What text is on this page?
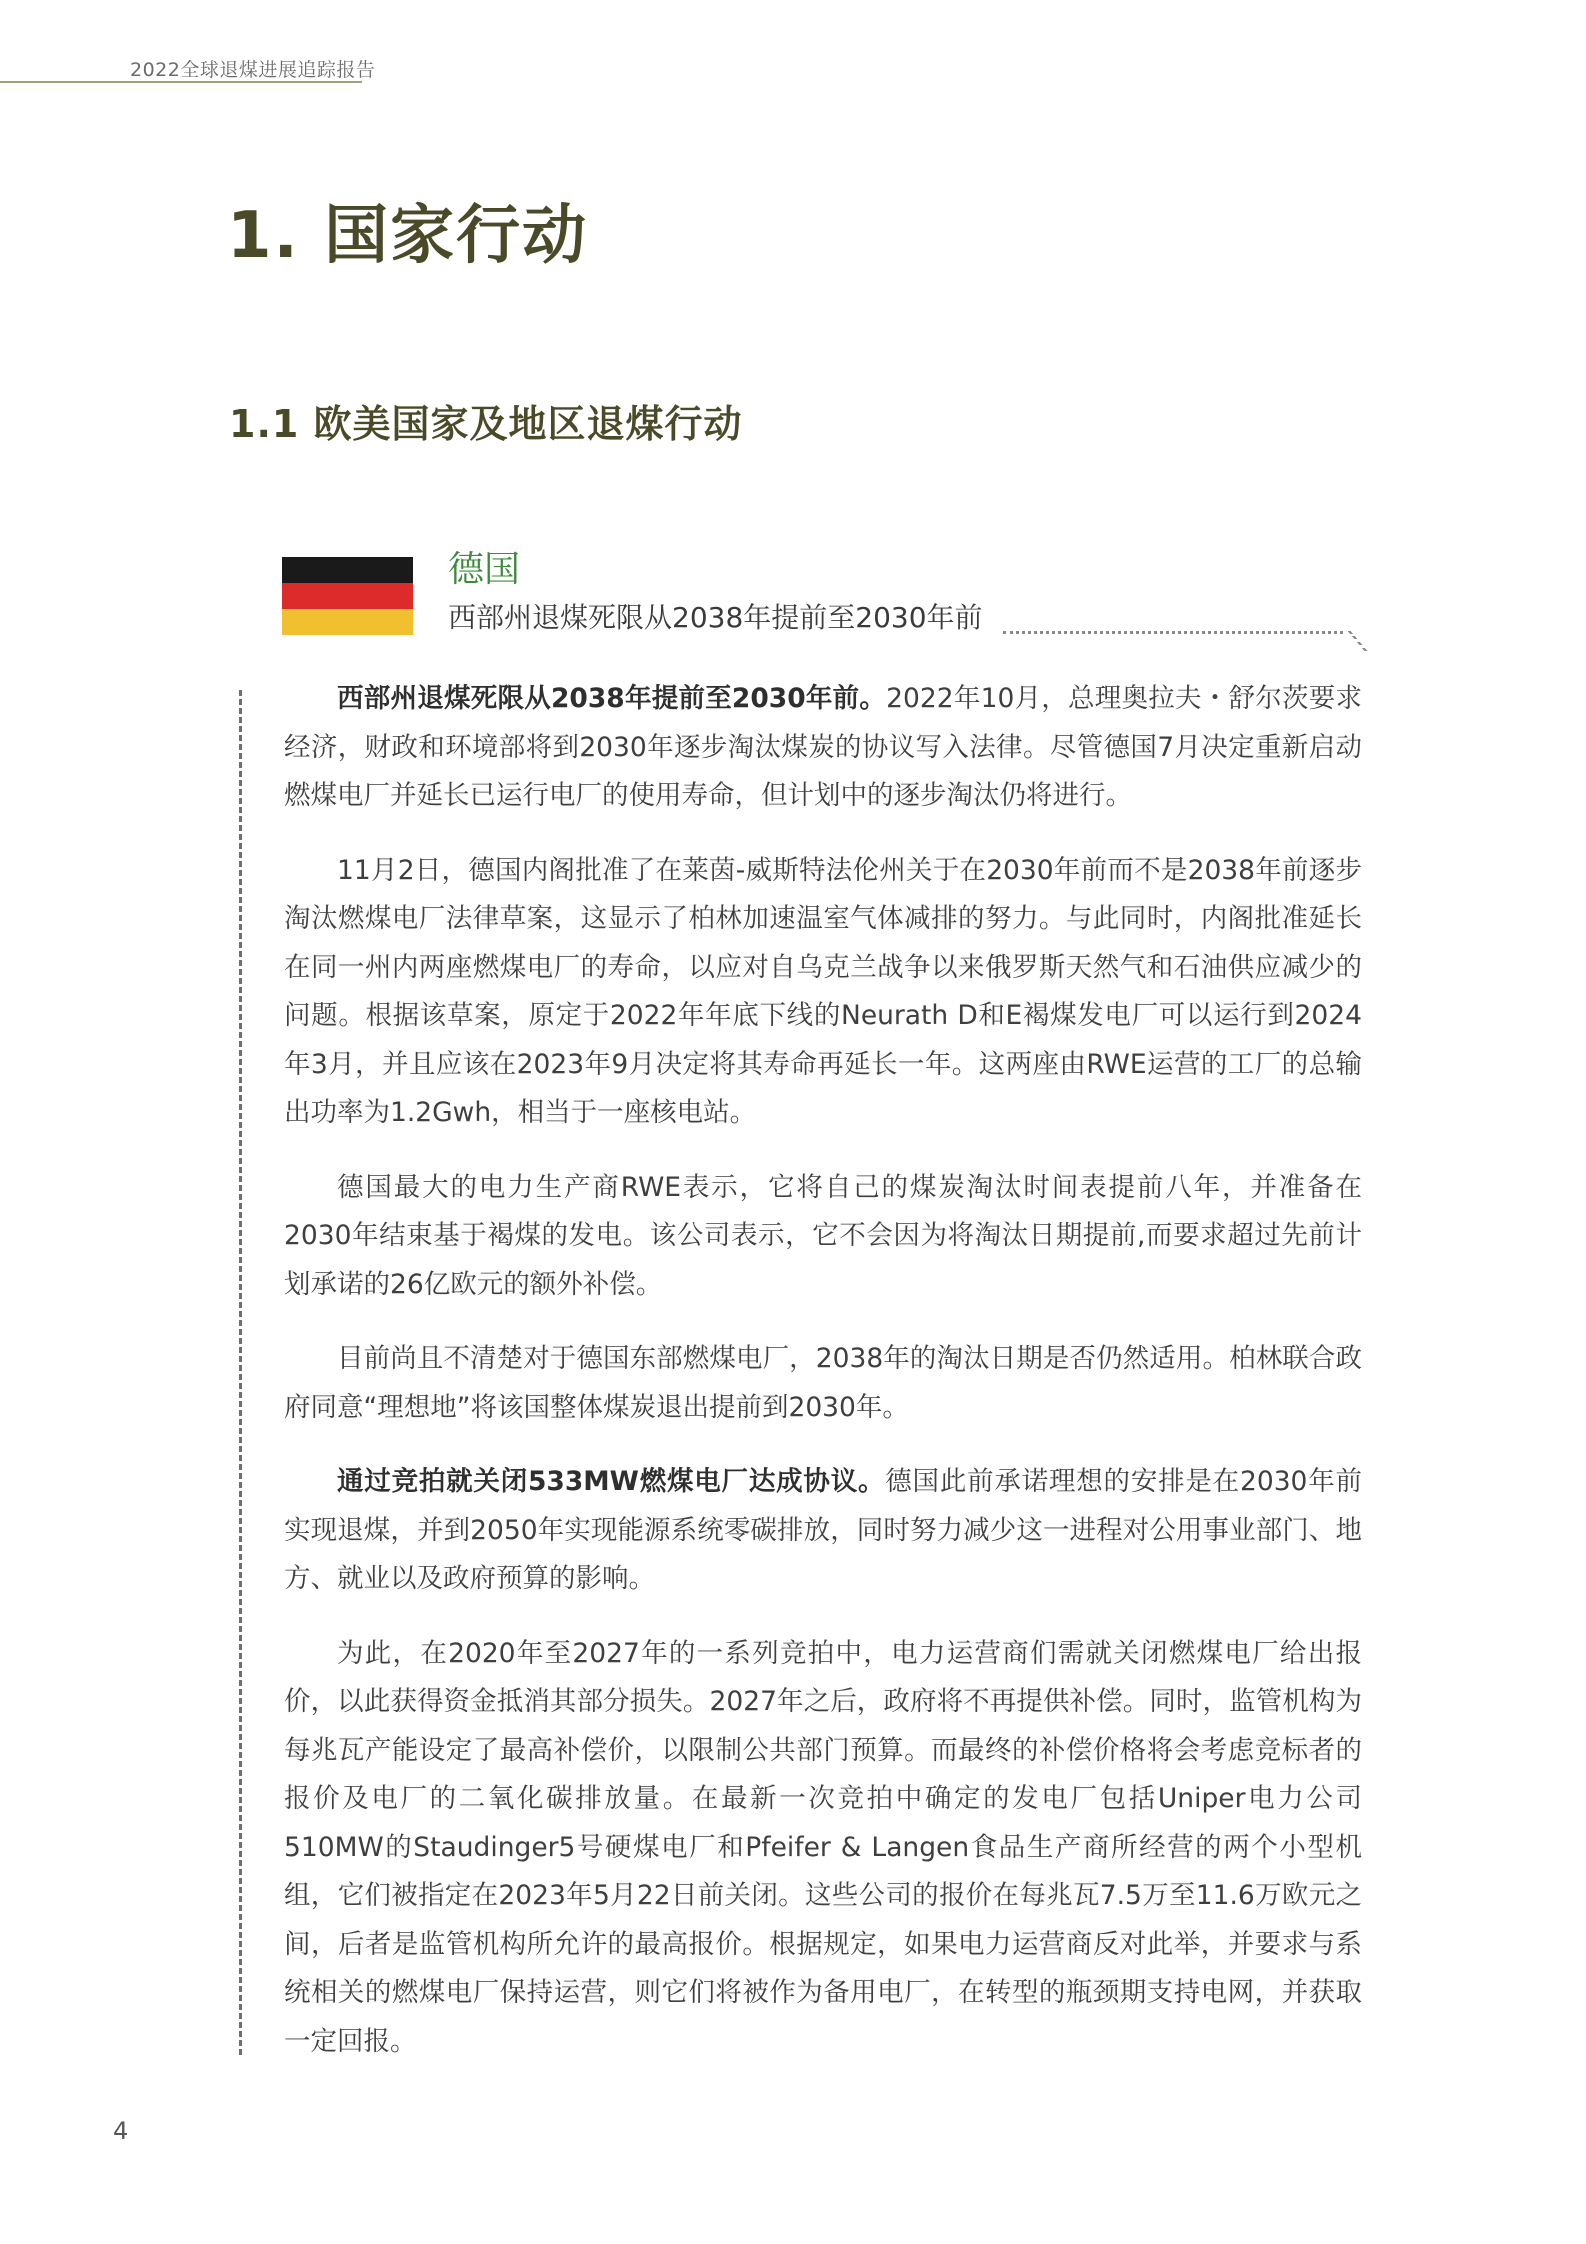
2022全球退煤进展追踪报告
1. 国家行动
1.1 欧美国家及地区退煤行动
德国
西部州退煤死限从2038年提前至2030年前

西部州退煤死限从2038年提前至2030年前。2022年10月，总理奥拉夫・舒尔茨要求经济，财政和环境部将到2030年逐步淘汰煤炭的协议写入法律。尽管德国7月决定重新启动燃煤电厂并延长已运行电厂的使用寿命，但计划中的逐步淘汰仍将进行。

11月2日，德国内阁批准了在莱茵-威斯特法伦州关于在2030年前而不是2038年前逐步淘汰燃煤电厂法律草案，这显示了柏林加速温室气体减排的努力。与此同时，内阁批准延长在同一州内两座燃煤电厂的寿命，以应对自乌克兰战争以来俄罗斯天然气和石油供应减少的问题。根据该草案，原定于2022年年底下线的Neurath D和E褐煤发电厂可以运行到2024年3月，并且应该在2023年9月决定将其寿命再延长一年。这两座由RWE运营的工厂的总输出功率为1.2Gwh，相当于一座核电站。

德国最大的电力生产商RWE表示，它将自己的煤炭淘汰时间表提前八年，并准备在2030年结束基于褐煤的发电。该公司表示，它不会因为将淘汰日期提前,而要求超过先前计划承诺的26亿欧元的额外补偿。

目前尚且不清楚对于德国东部燃煤电厂，2038年的淘汰日期是否仍然适用。柏林联合政府同意“理想地”将该国整体煤炭退出提前到2030年。

通过竞拍就关闭533MW燃煤电厂达成协议。德国此前承诺理想的安排是在2030年前实现退煤，并到2050年实现能源系统零碳排放，同时努力减少这一进程对公用事业部门、地方、就业以及政府预算的影响。

为此，在2020年至2027年的一系列竞拍中，电力运营商们需就关闭燃煤电厂给出报价，以此获得资金抵消其部分损失。2027年之后，政府将不再提供补偿。同时，监管机构为每兆瓦产能设定了最高补偿价，以限制公共部门预算。而最终的补偿价格将会考虑竞标者的报价及电厂的二氧化碳排放量。在最新一次竞拍中确定的发电厂包括Uniper电力公司510MW的Staudinger5号硬煤电厂和Pfeifer & Langen食品生产商所经营的两个小型机组，它们被指定在2023年5月22日前关闭。这些公司的报价在每兆瓦7.5万至11.6万欧元之间，后者是监管机构所允许的最高报价。根据规定，如果电力运营商反对此举，并要求与系统相关的燃煤电厂保持运营，则它们将被作为备用电厂，在转型的瓶颈期支持电网，并获取一定回报。

4
